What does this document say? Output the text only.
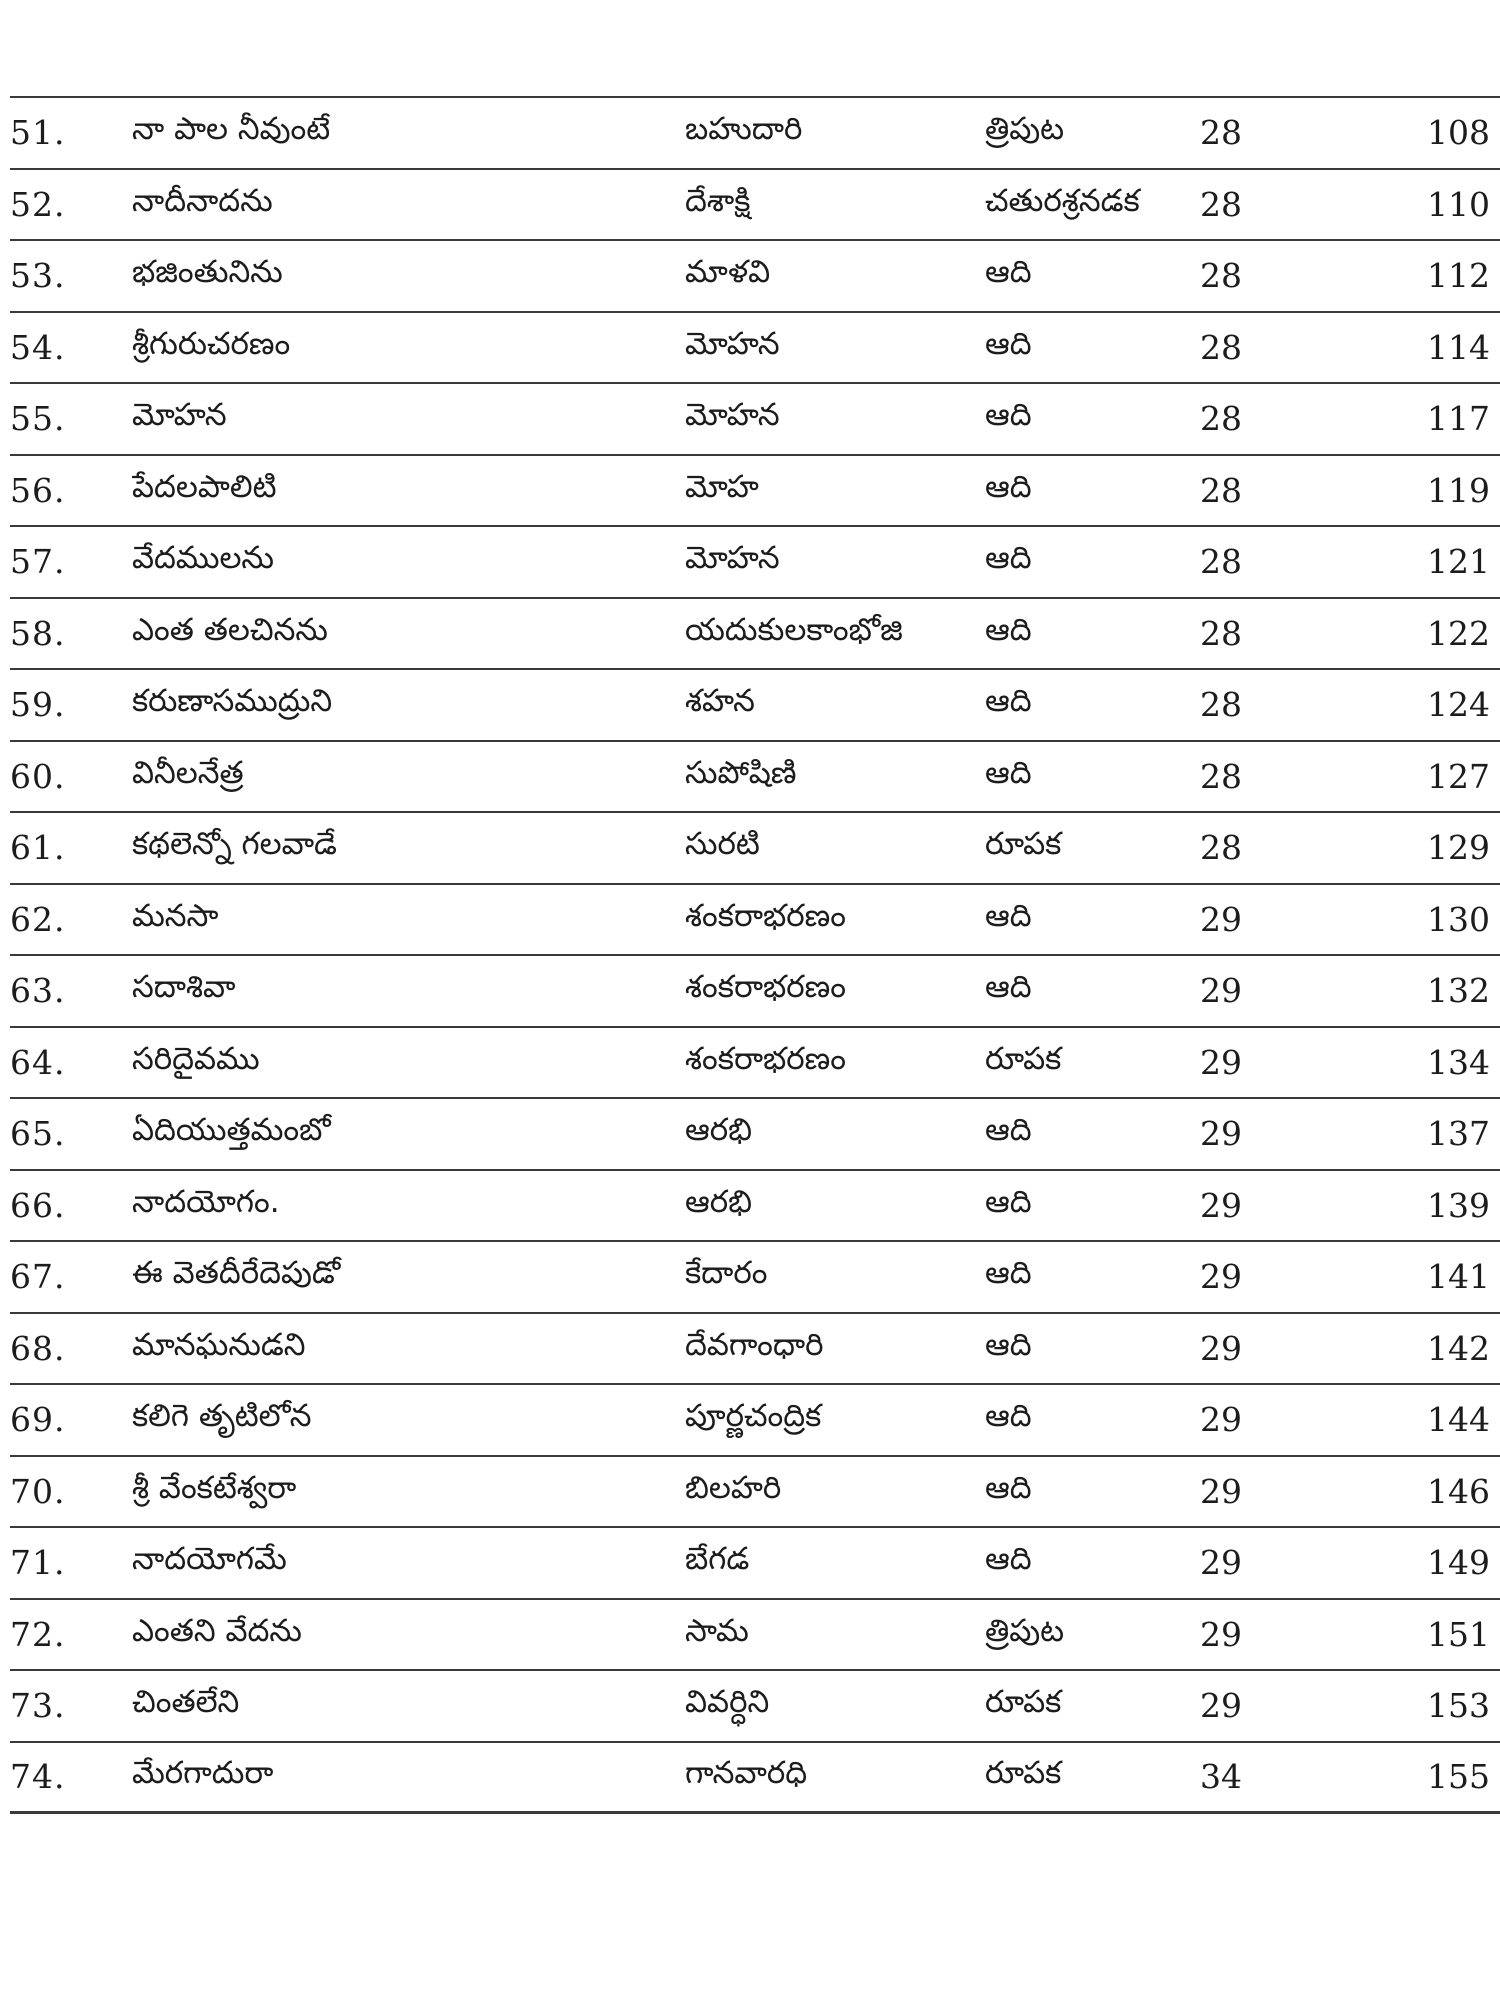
51.	నా పాల నీవుంటే	బహుదారి	త్రిపుట	28	108
52.	నాదీనాదను	దేశాక్షి	చతురశ్రనడక	28	110
53.	భజింతునిను	మాళవి	ఆది	28	112
54.	శ్రీగురుచరణం	మోహన	ఆది	28	114
55.	మోహన	మోహన	ఆది	28	117
56.	పేదలపాలిటి	మోహ	ఆది	28	119
57.	వేదములను	మోహన	ఆది	28	121
58.	ఎంత తలచినను	యదుకులకాంభోజి	ఆది	28	122
59.	కరుణాసముద్రుని	శహన	ఆది	28	124
60.	వినీలనేత్ర	సుపోషిణి	ఆది	28	127
61.	కథలెన్నో గలవాడే	సురటి	రూపక	28	129
62.	మనసా	శంకరాభరణం	ఆది	29	130
63.	సదాశివా	శంకరాభరణం	ఆది	29	132
64.	సరిదైవము	శంకరాభరణం	రూపక	29	134
65.	ఏదియుత్తమంబో	ఆరభి	ఆది	29	137
66.	నాదయోగం.	ఆరభి	ఆది	29	139
67.	ఈ వెతదీరేదెపుడో	కేదారం	ఆది	29	141
68.	మానఘనుడని	దేవగాంధారి	ఆది	29	142
69.	కలిగె తృటిలోన	పూర్ణచంద్రిక	ఆది	29	144
70.	శ్రీ వేంకటేశ్వరా	బిలహరి	ఆది	29	146
71.	నాదయోగమే	బేగడ	ఆది	29	149
72.	ఎంతని వేదను	సామ	త్రిపుట	29	151
73.	చింతలేని	వివర్ధిని	రూపక	29	153
74.	మేరగాదురా	గానవారధి	రూపక	34	155
